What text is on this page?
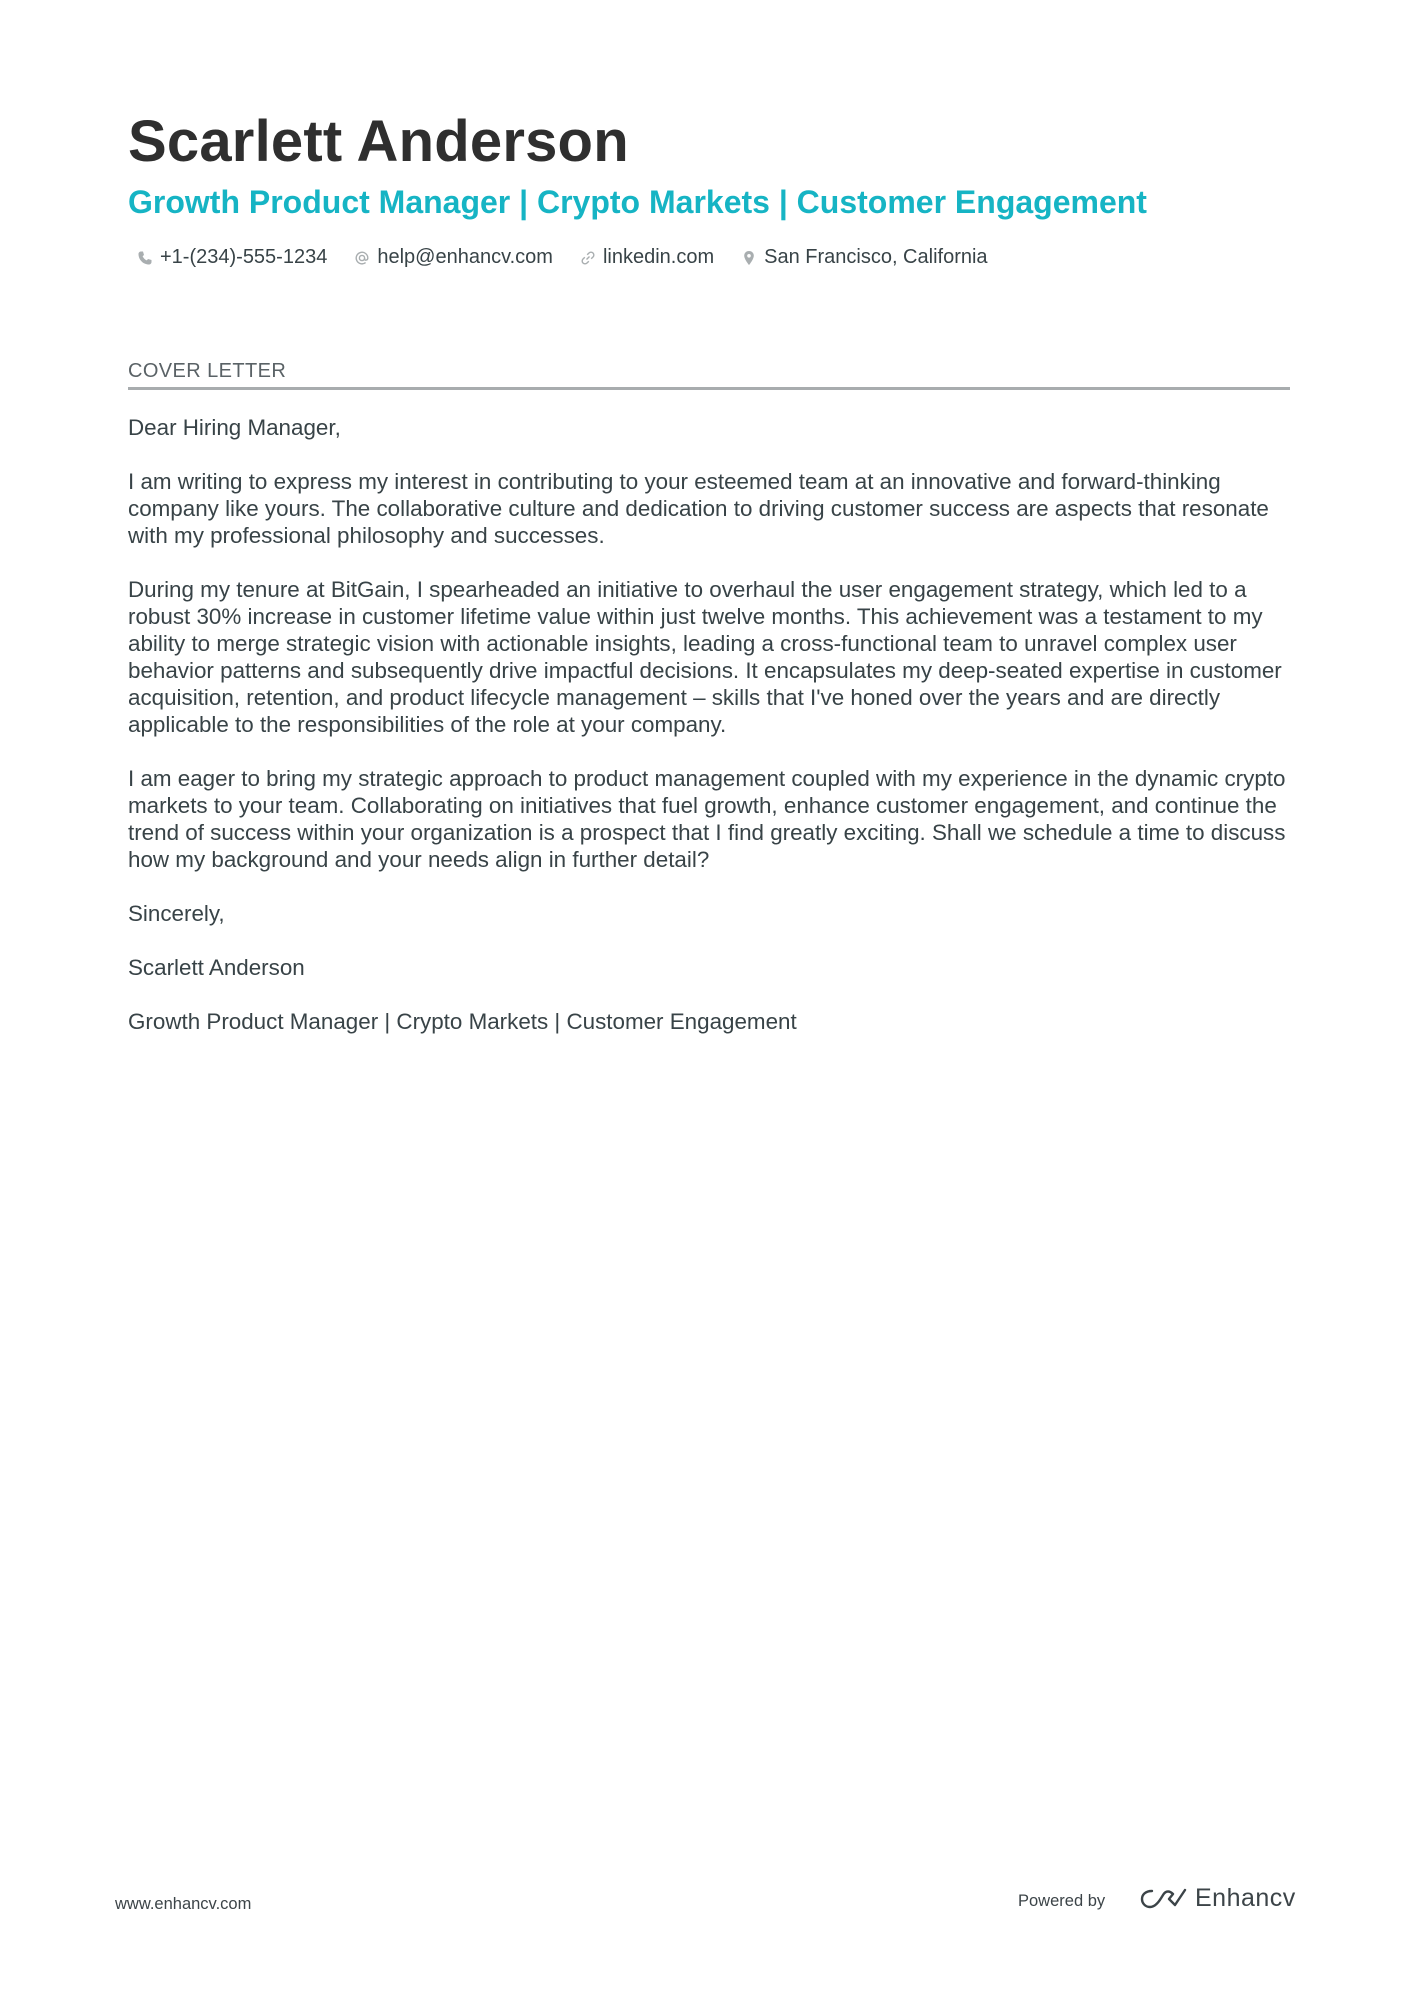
Scarlett Anderson
Growth Product Manager | Crypto Markets | Customer Engagement
+1-(234)-555-1234	help@enhancv.com	linkedin.com	San Francisco, California
COVER LETTER

Dear Hiring Manager,

I am writing to express my interest in contributing to your esteemed team at an innovative and forward-thinking company like yours. The collaborative culture and dedication to driving customer success are aspects that resonate with my professional philosophy and successes.

During my tenure at BitGain, I spearheaded an initiative to overhaul the user engagement strategy, which led to a robust 30% increase in customer lifetime value within just twelve months. This achievement was a testament to my ability to merge strategic vision with actionable insights, leading a cross-functional team to unravel complex user behavior patterns and subsequently drive impactful decisions. It encapsulates my deep-seated expertise in customer acquisition, retention, and product lifecycle management – skills that I've honed over the years and are directly applicable to the responsibilities of the role at your company.

I am eager to bring my strategic approach to product management coupled with my experience in the dynamic crypto markets to your team. Collaborating on initiatives that fuel growth, enhance customer engagement, and continue the trend of success within your organization is a prospect that I find greatly exciting. Shall we schedule a time to discuss how my background and your needs align in further detail?

Sincerely,

Scarlett Anderson

Growth Product Manager | Crypto Markets | Customer Engagement

www.enhancv.com	Powered by	Enhancv
